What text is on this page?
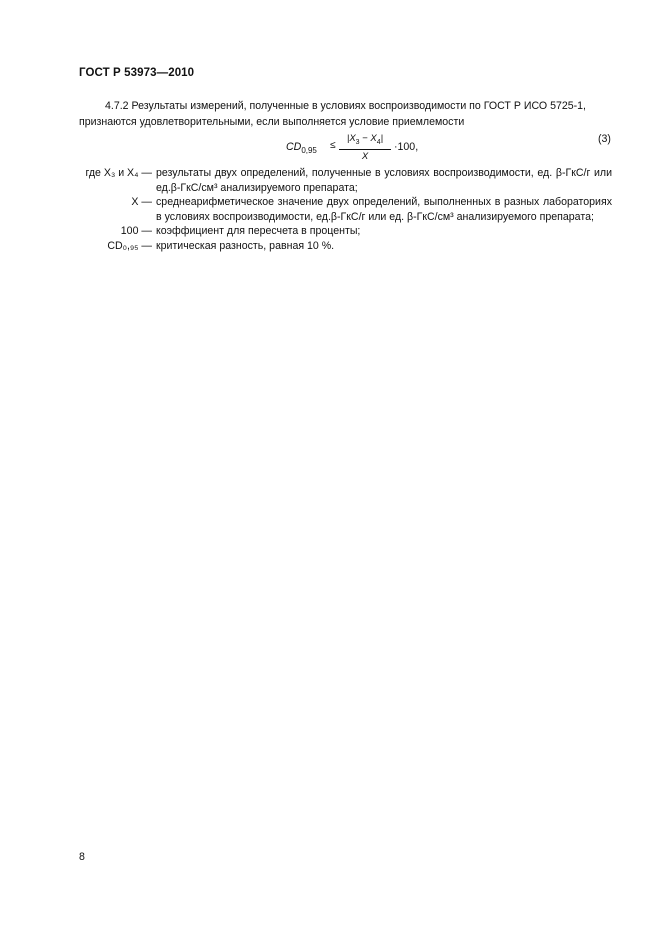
ГОСТ Р 53973—2010
4.7.2 Результаты измерений, полученные в условиях воспроизводимости по ГОСТ Р ИСО 5725-1,
признаются удовлетворительными, если выполняется условие приемлемости
$CD_{0,95} \le \frac{|X_3 - X_4|}{X} \cdot 100$,
(3)
где X₃ и X₄ — результаты двух определений, полученные в условиях воспроизводимости, ед. β-ГкС/г или ед.β-ГкС/см³ анализируемого препарата;
X — среднеарифметическое значение двух определений, выполненных в разных лабораториях в условиях воспроизводимости, ед.β-ГкС/г или ед. β-ГкС/см³ анализируемого препарата;
100 — коэффициент для пересчета в проценты;
CD₀,₉₅ — критическая разность, равная 10 %.
8
